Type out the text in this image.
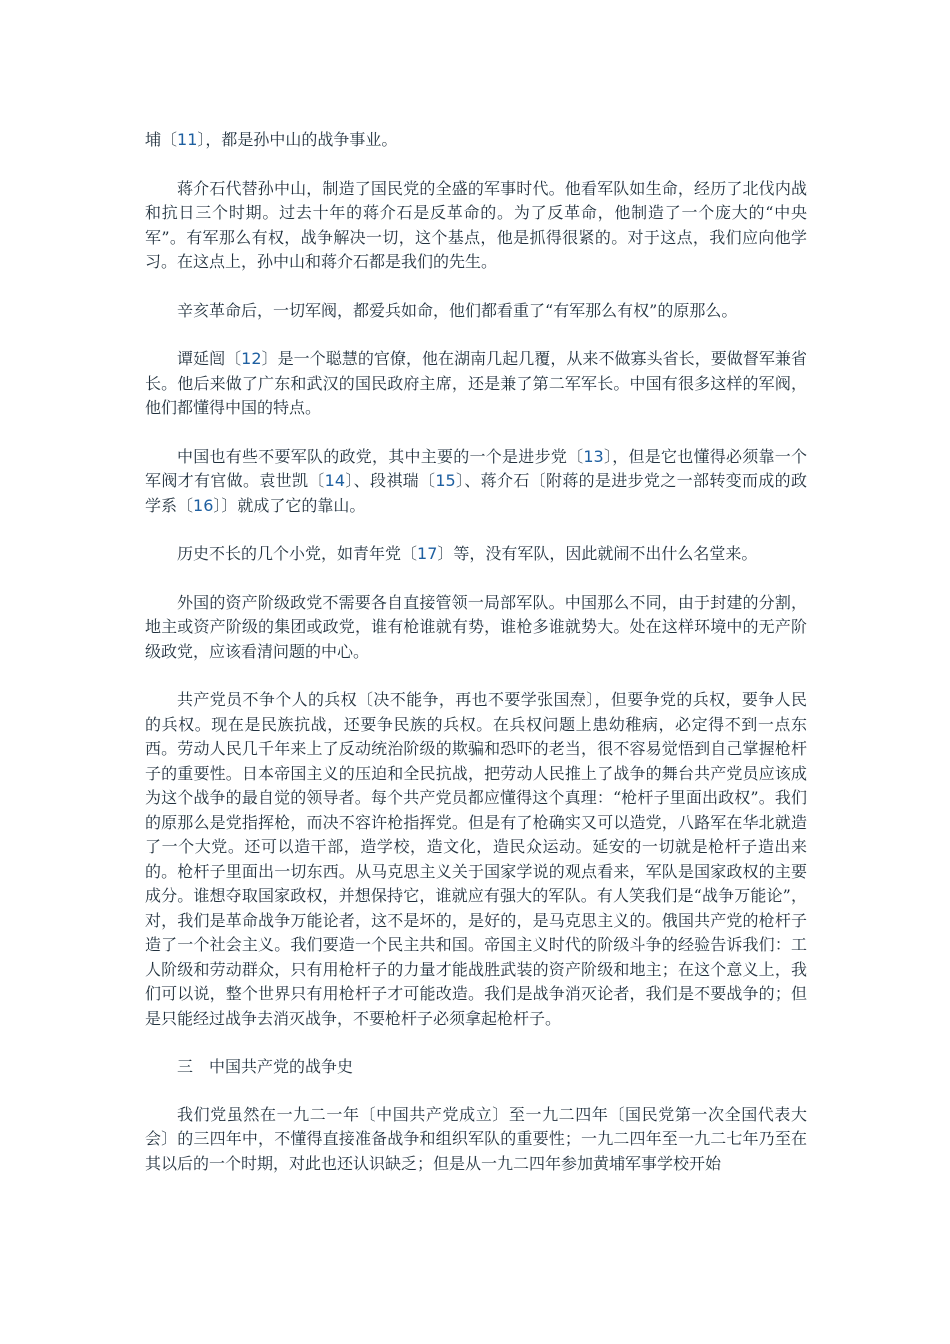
埔〔11〕，都是孙中山的战争事业。

蒋介石代替孙中山，制造了国民党的全盛的军事时代。他看军队如生命，经历了北伐内战和抗日三个时期。过去十年的蒋介石是反革命的。为了反革命，他制造了一个庞大的“中央军”。有军那么有权，战争解决一切，这个基点，他是抓得很紧的。对于这点，我们应向他学习。在这点上，孙中山和蒋介石都是我们的先生。

辛亥革命后，一切军阀，都爱兵如命，他们都看重了“有军那么有权”的原那么。

谭延闿〔12〕是一个聪慧的官僚，他在湖南几起几覆，从来不做寡头省长，要做督军兼省长。他后来做了广东和武汉的国民政府主席，还是兼了第二军军长。中国有很多这样的军阀，他们都懂得中国的特点。

中国也有些不要军队的政党，其中主要的一个是进步党〔13〕，但是它也懂得必须靠一个军阀才有官做。袁世凯〔14〕、段祺瑞〔15〕、蒋介石〔附蒋的是进步党之一部转变而成的政学系〔16〕〕就成了它的靠山。

历史不长的几个小党，如青年党〔17〕等，没有军队，因此就闹不出什么名堂来。

外国的资产阶级政党不需要各自直接管领一局部军队。中国那么不同，由于封建的分割，地主或资产阶级的集团或政党，谁有枪谁就有势，谁枪多谁就势大。处在这样环境中的无产阶级政党，应该看清问题的中心。

共产党员不争个人的兵权〔决不能争，再也不要学张国焘〕，但要争党的兵权，要争人民的兵权。现在是民族抗战，还要争民族的兵权。在兵权问题上患幼稚病，必定得不到一点东西。劳动人民几千年来上了反动统治阶级的欺骗和恐吓的老当，很不容易觉悟到自己掌握枪杆子的重要性。日本帝国主义的压迫和全民抗战，把劳动人民推上了战争的舞台共产党员应该成为这个战争的最自觉的领导者。每个共产党员都应懂得这个真理：“枪杆子里面出政权”。我们的原那么是党指挥枪，而决不容许枪指挥党。但是有了枪确实又可以造党，八路军在华北就造了一个大党。还可以造干部，造学校，造文化，造民众运动。延安的一切就是枪杆子造出来的。枪杆子里面出一切东西。从马克思主义关于国家学说的观点看来，军队是国家政权的主要成分。谁想夺取国家政权，并想保持它，谁就应有强大的军队。有人笑我们是“战争万能论”，对，我们是革命战争万能论者，这不是坏的，是好的，是马克思主义的。俄国共产党的枪杆子造了一个社会主义。我们要造一个民主共和国。帝国主义时代的阶级斗争的经验告诉我们：工人阶级和劳动群众，只有用枪杆子的力量才能战胜武装的资产阶级和地主；在这个意义上，我们可以说，整个世界只有用枪杆子才可能改造。我们是战争消灭论者，我们是不要战争的；但是只能经过战争去消灭战争，不要枪杆子必须拿起枪杆子。

三　中国共产党的战争史

我们党虽然在一九二一年〔中国共产党成立〕至一九二四年〔国民党第一次全国代表大会〕的三四年中，不懂得直接准备战争和组织军队的重要性；一九二四年至一九二七年乃至在其以后的一个时期，对此也还认识缺乏；但是从一九二四年参加黄埔军事学校开始
